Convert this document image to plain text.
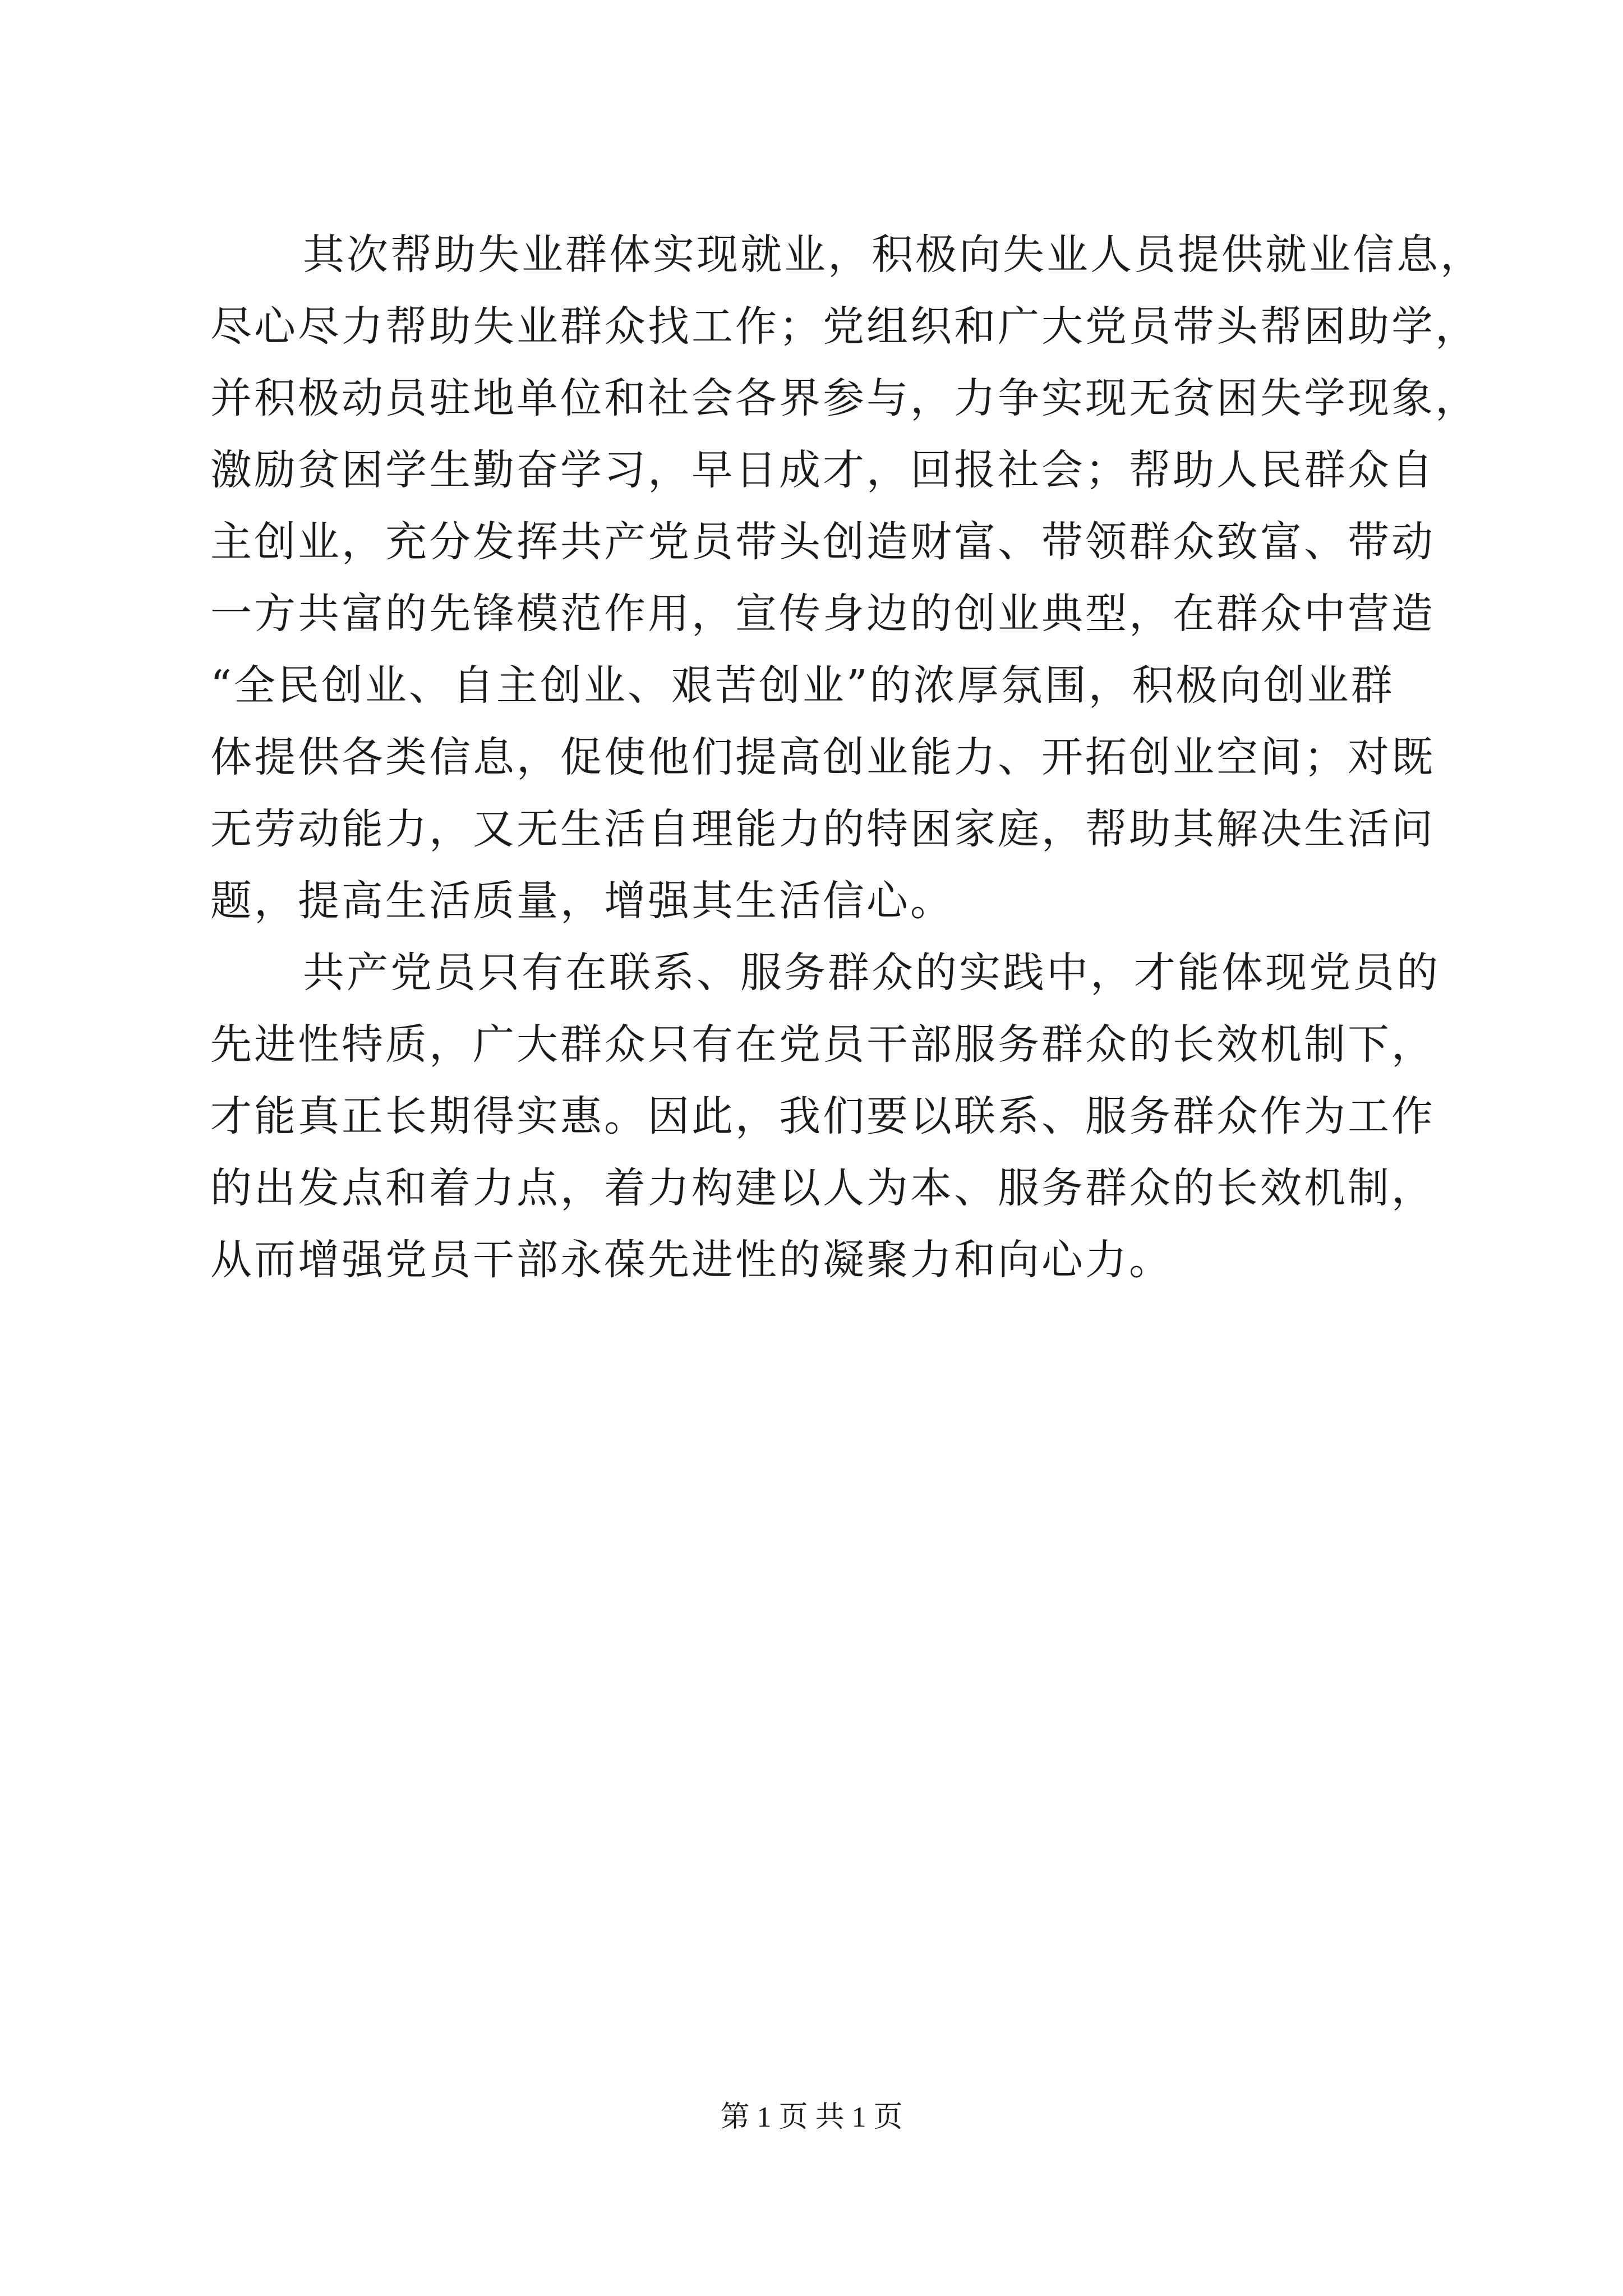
其次帮助失业群体实现就业，积极向失业人员提供就业信息，
尽心尽力帮助失业群众找工作；党组织和广大党员带头帮困助学，
并积极动员驻地单位和社会各界参与，力争实现无贫困失学现象，
激励贫困学生勤奋学习，早日成才，回报社会；帮助人民群众自
主创业，充分发挥共产党员带头创造财富、带领群众致富、带动
一方共富的先锋模范作用，宣传身边的创业典型，在群众中营造
“全民创业、自主创业、艰苦创业”的浓厚氛围，积极向创业群
体提供各类信息，促使他们提高创业能力、开拓创业空间；对既
无劳动能力，又无生活自理能力的特困家庭，帮助其解决生活问
题，提高生活质量，增强其生活信心。
共产党员只有在联系、服务群众的实践中，才能体现党员的
先进性特质，广大群众只有在党员干部服务群众的长效机制下，
才能真正长期得实惠。因此，我们要以联系、服务群众作为工作
的出发点和着力点，着力构建以人为本、服务群众的长效机制，
从而增强党员干部永葆先进性的凝聚力和向心力。
第 1 页 共 1 页
